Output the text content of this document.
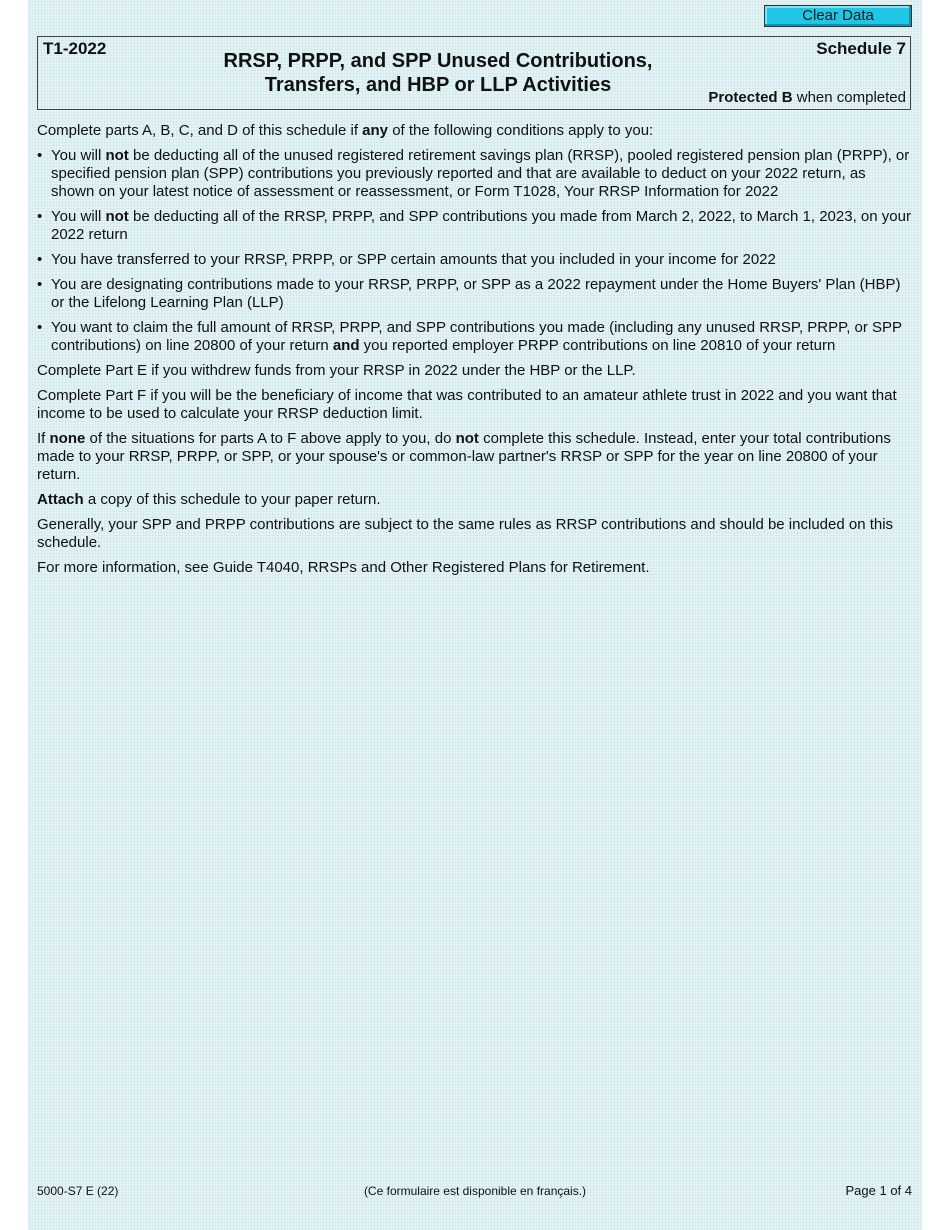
Clear Data
T1-2022	Schedule 7
RRSP, PRPP, and SPP Unused Contributions,
Transfers, and HBP or LLP Activities
Protected B when completed

Complete parts A, B, C, and D of this schedule if any of the following conditions apply to you:

• You will not be deducting all of the unused registered retirement savings plan (RRSP), pooled registered pension plan (PRPP), or specified pension plan (SPP) contributions you previously reported and that are available to deduct on your 2022 return, as shown on your latest notice of assessment or reassessment, or Form T1028, Your RRSP Information for 2022
• You will not be deducting all of the RRSP, PRPP, and SPP contributions you made from March 2, 2022, to March 1, 2023, on your 2022 return
• You have transferred to your RRSP, PRPP, or SPP certain amounts that you included in your income for 2022
• You are designating contributions made to your RRSP, PRPP, or SPP as a 2022 repayment under the Home Buyers' Plan (HBP) or the Lifelong Learning Plan (LLP)
• You want to claim the full amount of RRSP, PRPP, and SPP contributions you made (including any unused RRSP, PRPP, or SPP contributions) on line 20800 of your return and you reported employer PRPP contributions on line 20810 of your return

Complete Part E if you withdrew funds from your RRSP in 2022 under the HBP or the LLP.

Complete Part F if you will be the beneficiary of income that was contributed to an amateur athlete trust in 2022 and you want that income to be used to calculate your RRSP deduction limit.

If none of the situations for parts A to F above apply to you, do not complete this schedule. Instead, enter your total contributions made to your RRSP, PRPP, or SPP, or your spouse's or common-law partner's RRSP or SPP for the year on line 20800 of your return.

Attach a copy of this schedule to your paper return.

Generally, your SPP and PRPP contributions are subject to the same rules as RRSP contributions and should be included on this schedule.

For more information, see Guide T4040, RRSPs and Other Registered Plans for Retirement.

5000-S7 E (22)	(Ce formulaire est disponible en français.)	Page 1 of 4
